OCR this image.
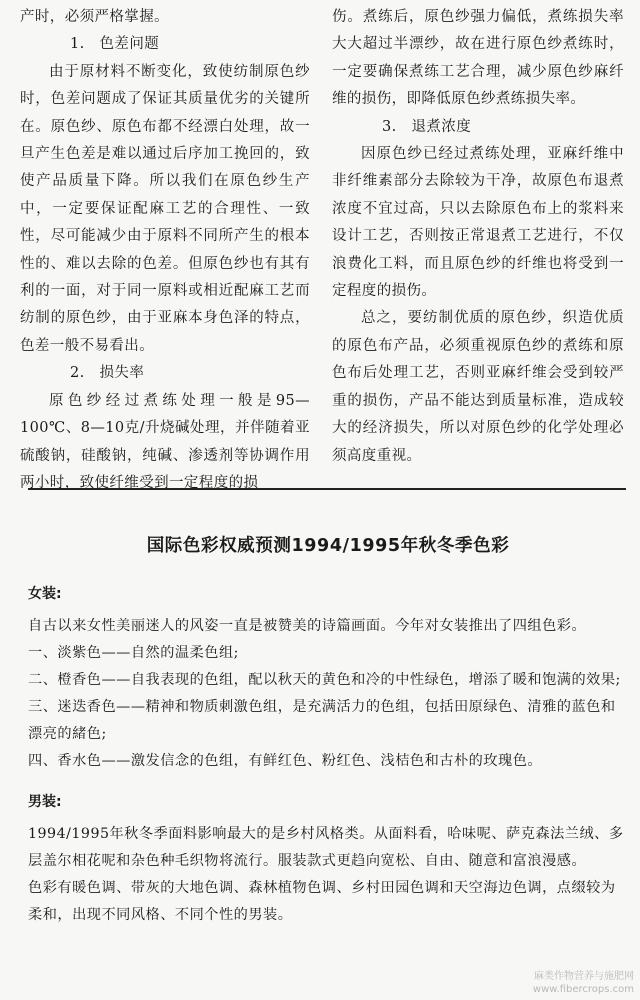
产时，必须严格掌握。

1.　色差问题

由于原材料不断变化，致使纺制原色纱时，色差问题成了保证其质量优劣的关键所在。原色纱、原色布都不经漂白处理，故一旦产生色差是难以通过后序加工挽回的，致使产品质量下降。所以我们在原色纱生产中，一定要保证配麻工艺的合理性、一致性，尽可能减少由于原料不同所产生的根本性的、难以去除的色差。但原色纱也有其有利的一面，对于同一原料或相近配麻工艺而纺制的原色纱，由于亚麻本身色泽的特点，色差一般不易看出。

2.　损失率

原色纱经过煮练处理一般是95—100℃、8—10克/升烧碱处理，并伴随着亚硫酸钠，硅酸钠，纯碱、渗透剂等协调作用两小时，致使纤维受到一定程度的损

伤。煮练后，原色纱强力偏低，煮练损失率大大超过半漂纱，故在进行原色纱煮练时，一定要确保煮练工艺合理，减少原色纱麻纤维的损伤，即降低原色纱煮练损失率。

3.　退煮浓度

因原色纱已经过煮练处理，亚麻纤维中非纤维素部分去除较为干净，故原色布退煮浓度不宜过高，只以去除原色布上的浆料来设计工艺，否则按正常退煮工艺进行，不仅浪费化工料，而且原色纱的纤维也将受到一定程度的损伤。

总之，要纺制优质的原色纱，织造优质的原色布产品，必须重视原色纱的煮练和原色布后处理工艺，否则亚麻纤维会受到较严重的损伤，产品不能达到质量标准，造成较大的经济损失，所以对原色纱的化学处理必须高度重视。

国际色彩权威预测1994/1995年秋冬季色彩
女装:

自古以来女性美丽迷人的风姿一直是被赞美的诗篇画面。今年对女装推出了四组色彩。

一、淡紫色——自然的温柔色组;

二、橙香色——自我表现的色组，配以秋天的黄色和冷的中性绿色，增添了暖和饱满的效果;

三、迷迭香色——精神和物质刺激色组，是充满活力的色组，包括田原绿色、清雅的蓝色和漂亮的緒色;

四、香水色——激发信念的色组，有鲜红色、粉红色、浅桔色和古朴的玫瑰色。

男装:

1994/1995年秋冬季面料影响最大的是乡村风格类。从面料看，哈味呢、萨克森法兰绒、多层盖尔相花呢和杂色种毛织物将流行。服装款式更趋向宽松、自由、随意和富浪漫感。

色彩有暖色调、带灰的大地色调、森林植物色调、乡村田园色调和天空海边色调，点缀较为柔和，出现不同风格、不同个性的男装。

麻类作物营养与施肥网
www.fibercrops.com
